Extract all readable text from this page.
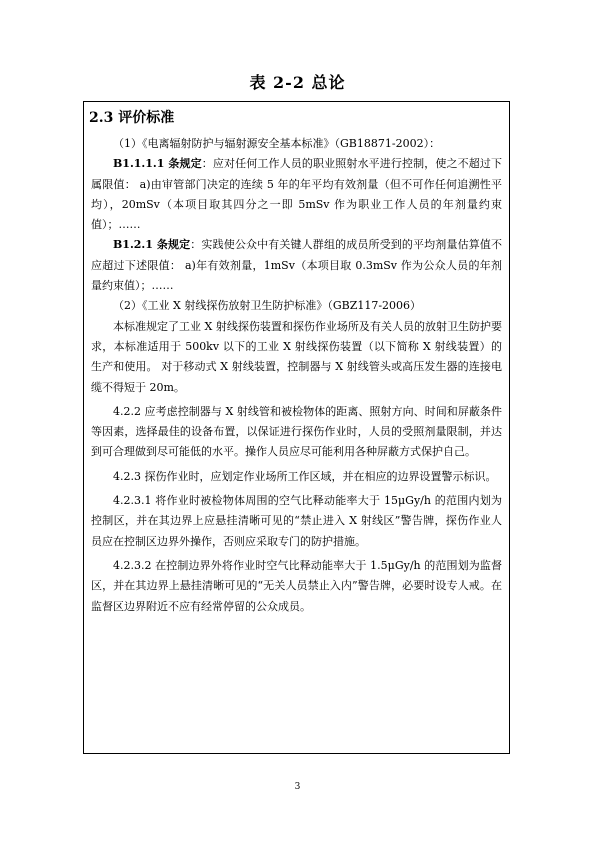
表 2-2 总论
2.3 评价标准

（1）《电离辐射防护与辐射源安全基本标准》（GB18871-2002）：

B1.1.1.1 条规定：应对任何工作人员的职业照射水平进行控制，使之不超过下属限值： a)由审管部门决定的连续 5 年的年平均有效剂量（但不可作任何追溯性平均），20mSv（本项目取其四分之一即 5mSv 作为职业工作人员的年剂量约束值）；……

B1.2.1 条规定：实践使公众中有关键人群组的成员所受到的平均剂量估算值不应超过下述限值： a)年有效剂量，1mSv（本项目取 0.3mSv 作为公众人员的年剂量约束值）；……

（2）《工业 X 射线探伤放射卫生防护标准》（GBZ117-2006）

本标准规定了工业 X 射线探伤装置和探伤作业场所及有关人员的放射卫生防护要求，本标准适用于 500kv 以下的工业 X 射线探伤装置（以下简称 X 射线装置）的生产和使用。 对于移动式 X 射线装置，控制器与 X 射线管头或高压发生器的连接电缆不得短于 20m。

4.2.2 应考虑控制器与 X 射线管和被检物体的距离、照射方向、时间和屏蔽条件等因素，选择最佳的设备布置，以保证进行探伤作业时，人员的受照剂量限制，并达到可合理做到尽可能低的水平。操作人员应尽可能利用各种屏蔽方式保护自己。

4.2.3 探伤作业时，应划定作业场所工作区域，并在相应的边界设置警示标识。

4.2.3.1 将作业时被检物体周围的空气比释动能率大于 15μGy/h 的范围内划为控制区，并在其边界上应悬挂清晰可见的“禁止进入 X 射线区”警告牌，探伤作业人员应在控制区边界外操作，否则应采取专门的防护措施。

4.2.3.2 在控制边界外将作业时空气比释动能率大于 1.5μGy/h 的范围划为监督区，并在其边界上悬挂清晰可见的“无关人员禁止入内”警告牌，必要时设专人戒。在监督区边界附近不应有经常停留的公众成员。

3
